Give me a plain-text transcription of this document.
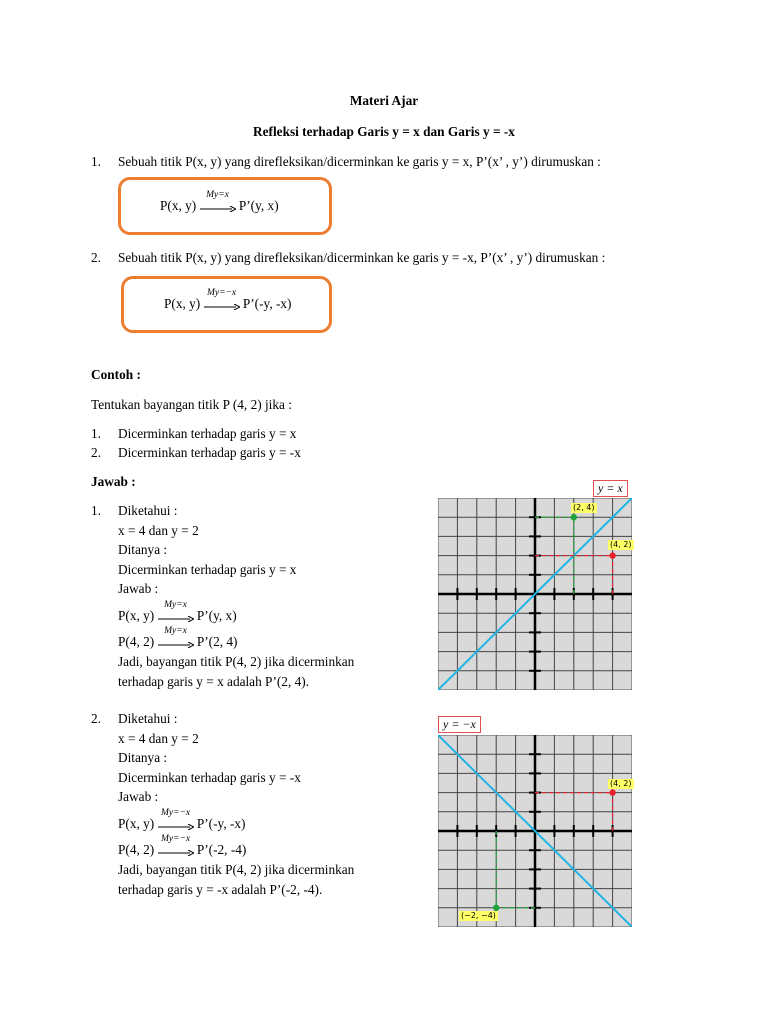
Materi Ajar
Refleksi terhadap Garis y = x dan Garis y = -x
1. Sebuah titik P(x, y) yang direfleksikan/dicerminkan ke garis y = x, P’(x’ , y’) dirumuskan :
P(x, y)
My=x
P’(y, x)
2. Sebuah titik P(x, y) yang direfleksikan/dicerminkan ke garis y = -x, P’(x’ , y’) dirumuskan :
P(x, y)
My=−x
P’(-y, -x)
Contoh :
Tentukan bayangan titik P (4, 2) jika :
1. Dicerminkan terhadap garis y = x
2. Dicerminkan terhadap garis y = -x
Jawab :
1. Diketahui :
x = 4 dan y = 2
Ditanya :
Dicerminkan terhadap garis y = x
Jawab :
P(x, y)
My=x
P’(y, x)
P(4, 2)
My=x
P’(2, 4)
Jadi, bayangan titik P(4, 2) jika dicerminkan
terhadap garis y = x adalah P’(2, 4).
2. Diketahui :
x = 4 dan y = 2
Ditanya :
Dicerminkan terhadap garis y = -x
Jawab :
P(x, y)
My=−x
P’(-y, -x)
P(4, 2)
My=−x
P’(-2, -4)
Jadi, bayangan titik P(4, 2) jika dicerminkan
terhadap garis y = -x adalah P’(-2, -4).
y = x
(2, 4)
(4, 2)
y = −x
(4, 2)
(−2, −4)
